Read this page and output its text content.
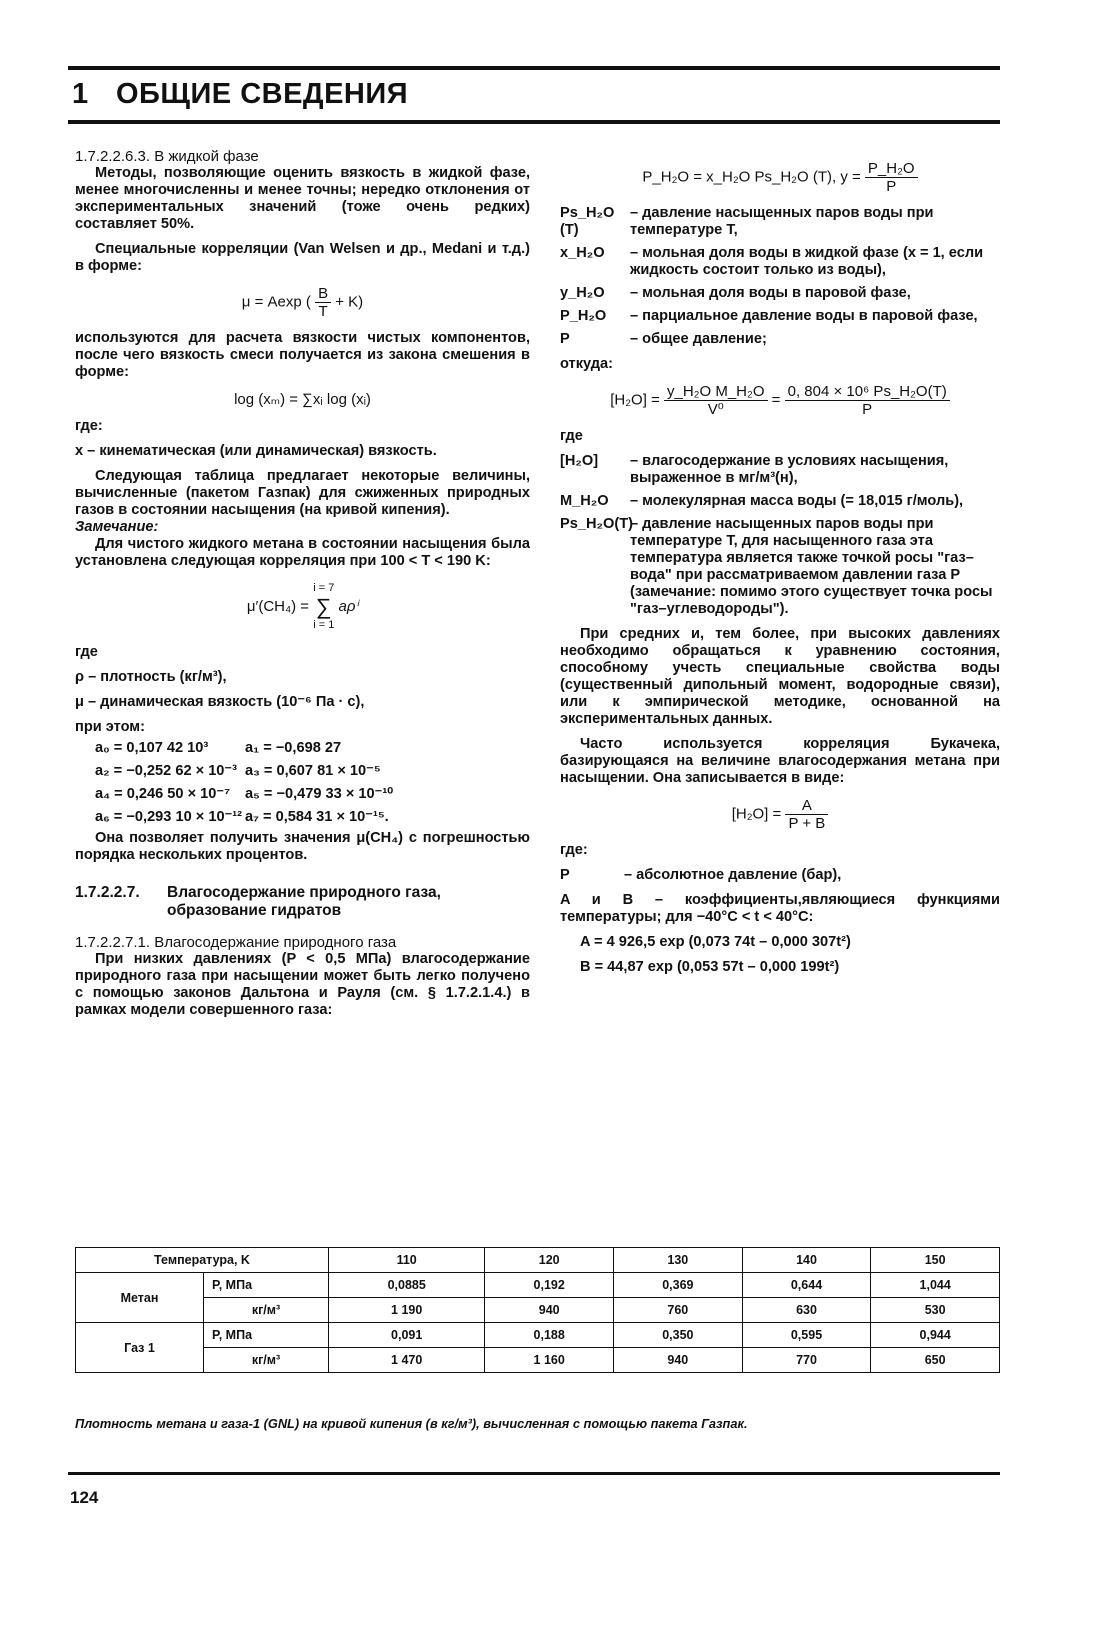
1 ОБЩИЕ СВЕДЕНИЯ

1.7.2.2.6.3. В жидкой фазе

Методы, позволяющие оценить вязкость в жидкой фазе, менее многочисленны и менее точны; нередко отклонения от экспериментальных значений (тоже очень редких) составляет 50%.

Специальные корреляции (Van Welsen и др., Medani и т.д.) в форме:

μ = Aexp ( $\frac{B}{T} + K$)

используются для расчета вязкости чистых компонентов, после чего вязкость смеси получается из закона смешения в форме:

log (xₘ) = ∑xᵢ log (xᵢ)

где:

x – кинематическая (или динамическая) вязкость.

Следующая таблица предлагает некоторые величины, вычисленные (пакетом Газпак) для сжиженных природных газов в состоянии насыщения (на кривой кипения).

Замечание:

Для чистого жидкого метана в состоянии насыщения была установлена следующая корреляция при 100 < T < 190 K:

μ′(CH₄) =
i = 7
∑
i = 1
aρⁱ

где

ρ – плотность (кг/м³),

μ – динамическая вязкость (10⁻⁶ Па · с),

при этом:

a₀ = 0,107 42 10³	a₁ = −0,698 27
a₂ = −0,252 62 × 10⁻³ a₃ = 0,607 81 × 10⁻⁵
a₄ = 0,246 50 × 10⁻⁷	a₅ = −0,479 33 × 10⁻¹⁰
a₆ = −0,293 10 × 10⁻¹² a₇ = 0,584 31 × 10⁻¹⁵.

Она позволяет получить значения μ(CH₄) с погрешностью порядка нескольких процентов.

1.7.2.2.7.	Влагосодержание природного газа, образование гидратов

1.7.2.2.7.1. Влагосодержание природного газа

При низких давлениях (P < 0,5 МПа) влагосодержание природного газа при насыщении может быть легко получено с помощью законов Дальтона и Рауля (см. § 1.7.2.1.4.) в рамках модели совершенного газа:

P_H₂O = x_H₂O Ps_H₂O (T), $y = \frac{\text{P\_H₂O}}{P}$
Ps_H₂O (T)
– давление насыщенных паров воды при температуре T,
x_H₂O	– мольная доля воды в жидкой фазе (x = 1, если жидкость состоит только из воды),
y_H₂O	– мольная доля воды в паровой фазе,
P_H₂O	– парциальное давление воды в паровой фазе,
P	– общее давление;

откуда:

$[H_2O] = \frac{\text{y\_H₂O M\_H₂O}}{\text{V⁰}} = \frac{\text{0, 804 × 10⁶ Ps\_H₂O(T)}}{P}$

где

[H₂O]	– влагосодержание в условиях насыщения, выраженное в мг/м³(н),
M_H₂O	– молекулярная масса воды (= 18,015 г/моль),
Ps_H₂O(T)
– давление насыщенных паров воды при температуре T, для насыщенного газа эта температура является также точкой росы "газ–вода" при рассматриваемом давлении газа P (замечание: помимо этого существует точка росы "газ–углеводороды").

При средних и, тем более, при высоких давлениях необходимо обращаться к уравнению состояния, способному учесть специальные свойства воды (существенный дипольный момент, водородные связи), или к эмпирической методике, основанной на экспериментальных данных.

Часто используется корреляция Букачека, базирующаяся на величине влагосодержания метана при насыщении. Она записывается в виде:

$[H_2O] = \frac{A}{P + B}$

где:

P	– абсолютное давление (бар),

A и B – коэффициенты,являющиеся функциями температуры; для −40°C < t < 40°C:

A = 4 926,5 exp (0,073 74t – 0,000 307t²)

B = 44,87 exp (0,053 57t – 0,000 199t²)

Температура, K		110	120	130	140	150
Метан	P, МПа	0,0885	0,192	0,369	0,644	1,044
	кг/м³	1 190	940	760	630	530
Газ 1	P, МПа	0,091	0,188	0,350	0,595	0,944
	кг/м³	1 470	1 160	940	770	650
Плотность метана и газа-1 (GNL) на кривой кипения (в кг/м³), вычисленная с помощью пакета Газпак.
124
